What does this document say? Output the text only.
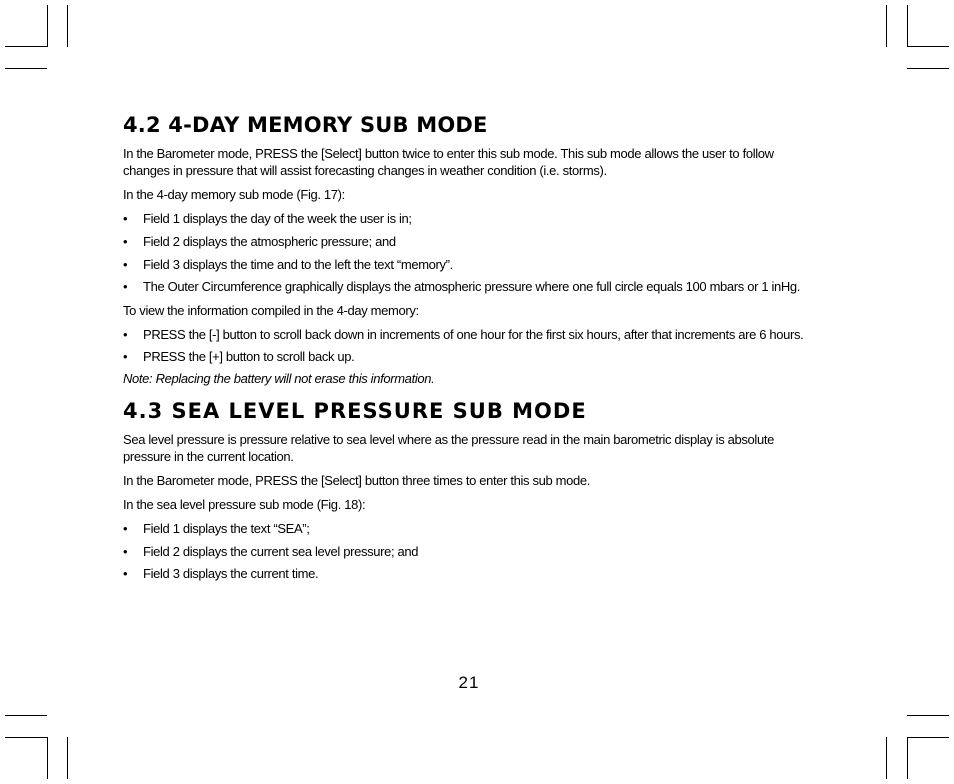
4.2 4-DAY MEMORY SUB MODE

In the Barometer mode, PRESS the [Select] button twice to enter this sub mode. This sub mode allows the user to follow changes in pressure that will assist forecasting changes in weather condition (i.e. storms).

In the 4-day memory sub mode (Fig. 17):

• Field 1 displays the day of the week the user is in;
• Field 2 displays the atmospheric pressure; and
• Field 3 displays the time and to the left the text “memory”.
• The Outer Circumference graphically displays the atmospheric pressure where one full circle equals 100 mbars or 1 inHg.

To view the information compiled in the 4-day memory:

• PRESS the [-] button to scroll back down in increments of one hour for the first six hours, after that increments are 6 hours.
• PRESS the [+] button to scroll back up.

Note: Replacing the battery will not erase this information.

4.3 SEA LEVEL PRESSURE SUB MODE

Sea level pressure is pressure relative to sea level where as the pressure read in the main barometric display is absolute pressure in the current location.

In the Barometer mode, PRESS the [Select] button three times to enter this sub mode.

In the sea level pressure sub mode (Fig. 18):

• Field 1 displays the text “SEA”;
• Field 2 displays the current sea level pressure; and
• Field 3 displays the current time.
21
